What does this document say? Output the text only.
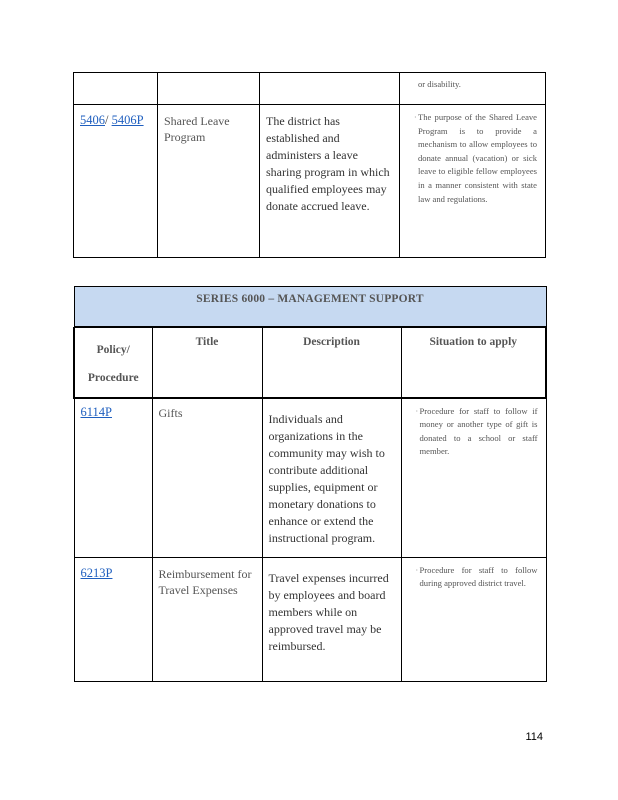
			or disability.
5406/ 5406P	Shared Leave Program	The district has established and administers a leave sharing program in which qualified employees may donate accrued leave.	· The purpose of the Shared Leave Program is to provide a mechanism to allow employees to donate annual (vacation) or sick leave to eligible fellow employees in a manner consistent with state law and regulations.
SERIES 6000 – MANAGEMENT SUPPORT			

Policy/
Procedure	Title	Description	Situation to apply
6114P	Gifts	Individuals and organizations in the community may wish to contribute additional supplies, equipment or monetary donations to enhance or extend the instructional program.	· Procedure for staff to follow if money or another type of gift is donated to a school or staff member.
6213P	Reimbursement for Travel Expenses	Travel expenses incurred by employees and board members while on approved travel may be reimbursed.	· Procedure for staff to follow during approved district travel.
114
